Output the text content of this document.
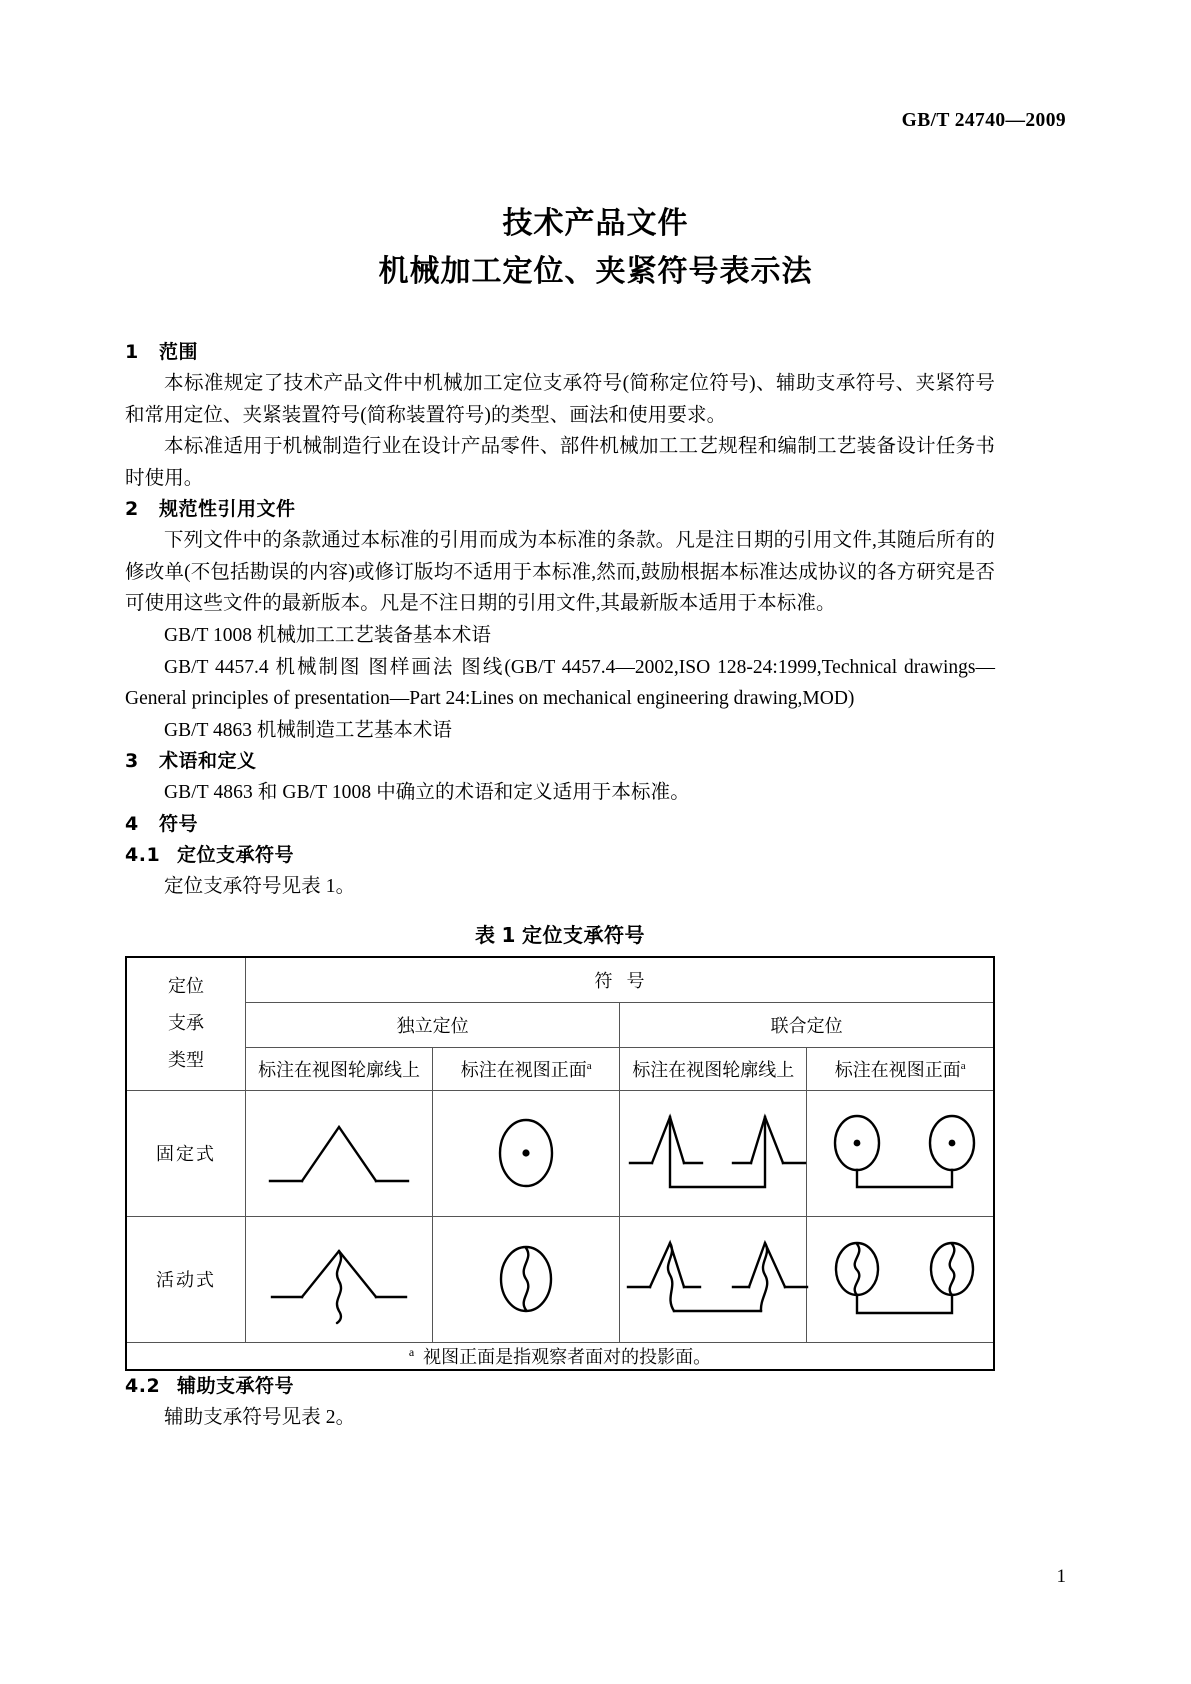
GB/T 24740—2009
技术产品文件
机械加工定位、夹紧符号表示法
1 范围

本标准规定了技术产品文件中机械加工定位支承符号(简称定位符号)、辅助支承符号、夹紧符号和常用定位、夹紧装置符号(简称装置符号)的类型、画法和使用要求。

本标准适用于机械制造行业在设计产品零件、部件机械加工工艺规程和编制工艺装备设计任务书时使用。

2 规范性引用文件

下列文件中的条款通过本标准的引用而成为本标准的条款。凡是注日期的引用文件,其随后所有的修改单(不包括勘误的内容)或修订版均不适用于本标准,然而,鼓励根据本标准达成协议的各方研究是否可使用这些文件的最新版本。凡是不注日期的引用文件,其最新版本适用于本标准。

GB/T 1008 机械加工工艺装备基本术语

GB/T 4457.4 机械制图 图样画法 图线(GB/T 4457.4—2002,ISO 128-24:1999,Technical drawings—General principles of presentation—Part 24:Lines on mechanical engineering drawing,MOD)

GB/T 4863 机械制造工艺基本术语

3 术语和定义

GB/T 4863 和 GB/T 1008 中确立的术语和定义适用于本标准。

4 符号
4.1 定位支承符号

定位支承符号见表 1。

表 1 定位支承符号
定位
支承
类型	符号			
	独立定位		联合定位	
	标注在视图轮廓线上	标注在视图正面$^a$	标注在视图轮廓线上	标注在视图正面$^a$
固定式	

活动式	

$^a$ 视图正面是指观察者面对的投影面。				
4.2 辅助支承符号

辅助支承符号见表 2。

1
